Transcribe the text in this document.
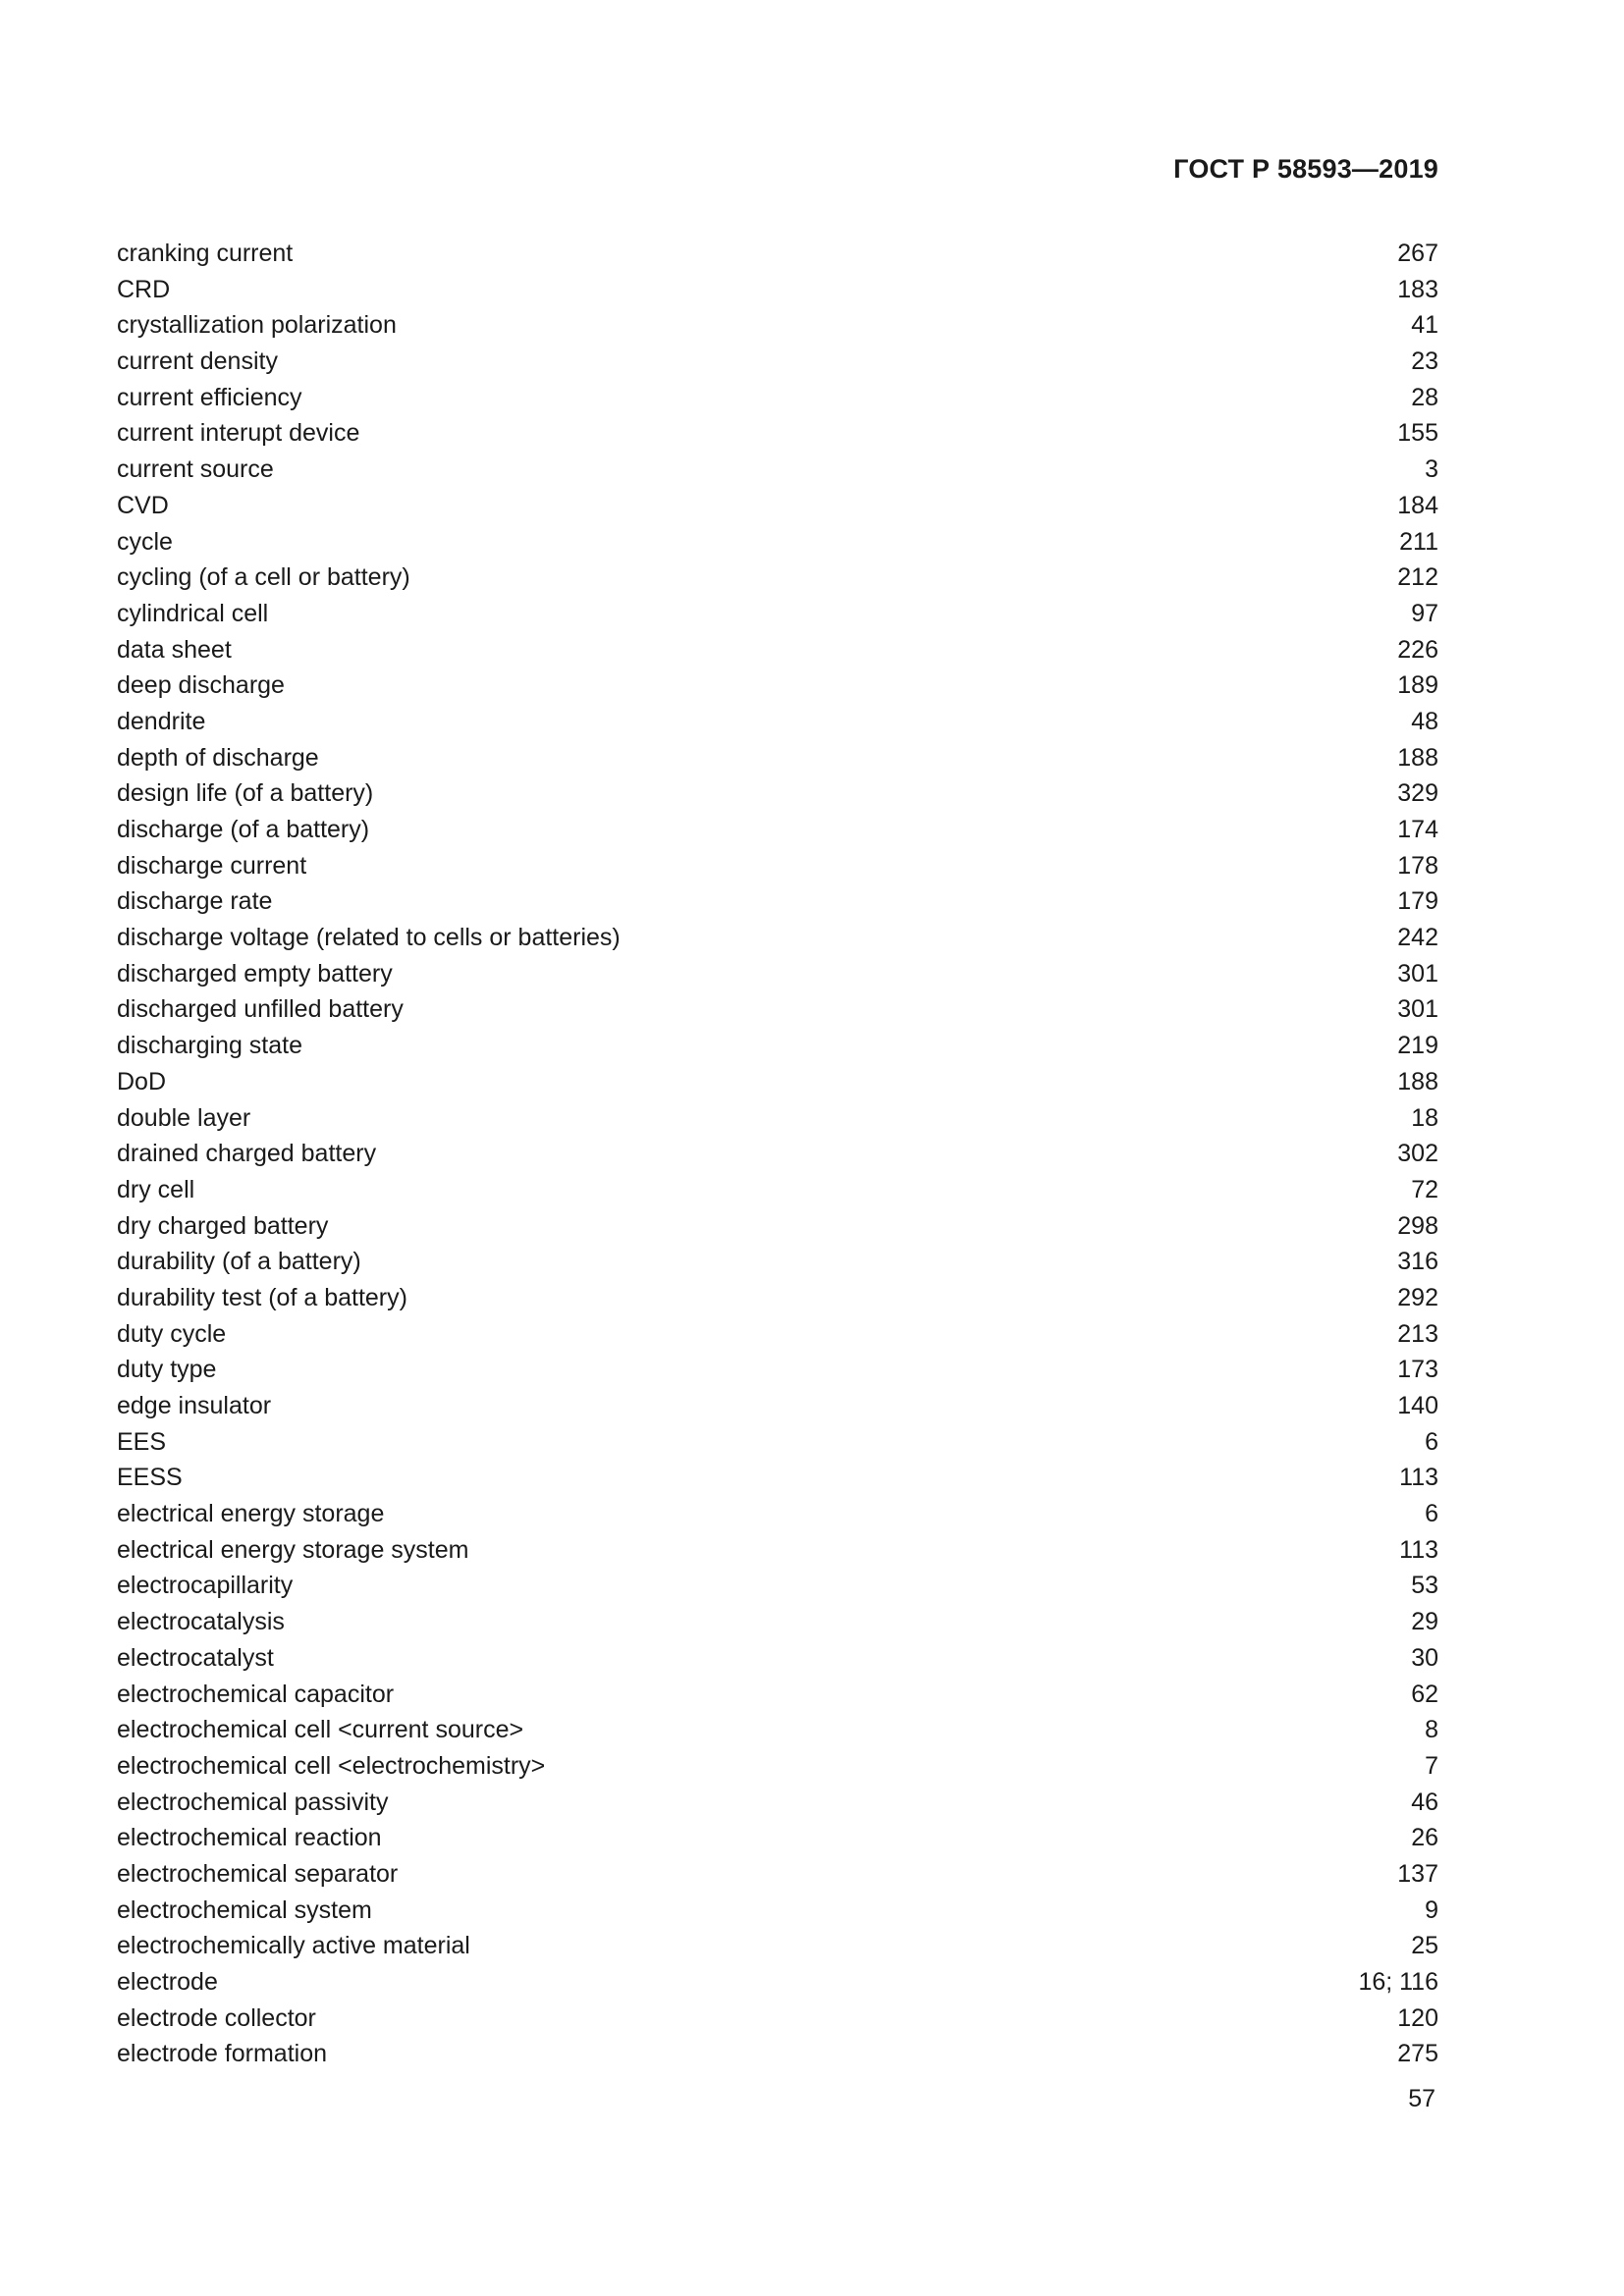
ГОСТ Р 58593—2019
cranking current	267
CRD	183
crystallization polarization	41
current density	23
current efficiency	28
current interupt device	155
current source	3
CVD	184
cycle	211
cycling (of a cell or battery)	212
cylindrical cell	97
data sheet	226
deep discharge	189
dendrite	48
depth of discharge	188
design life (of a battery)	329
discharge (of a battery)	174
discharge current	178
discharge rate	179
discharge voltage (related to cells or batteries)	242
discharged empty battery	301
discharged unfilled battery	301
discharging state	219
DoD	188
double layer	18
drained charged battery	302
dry cell	72
dry charged battery	298
durability (of a battery)	316
durability test (of a battery)	292
duty cycle	213
duty type	173
edge insulator	140
EES	6
EESS	113
electrical energy storage	6
electrical energy storage system	113
electrocapillarity	53
electrocatalysis	29
electrocatalyst	30
electrochemical capacitor	62
electrochemical cell <current source>	8
electrochemical cell <electrochemistry>	7
electrochemical passivity	46
electrochemical reaction	26
electrochemical separator	137
electrochemical system	9
electrochemically active material	25
electrode	16; 116
electrode collector	120
electrode formation	275
57
